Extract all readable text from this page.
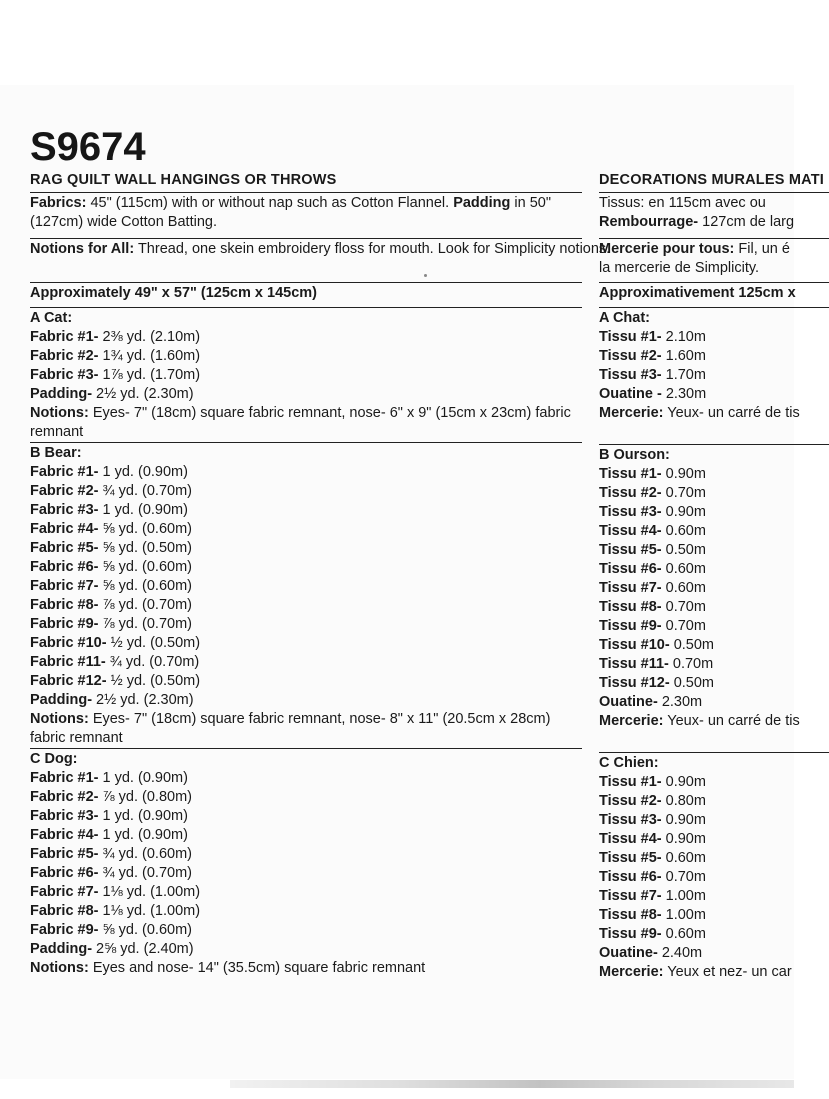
S9674
RAG QUILT WALL HANGINGS OR THROWS
Fabrics: 45" (115cm) with or without nap such as Cotton Flannel. Padding in 50"
(127cm) wide Cotton Batting.
Notions for All: Thread, one skein embroidery floss for mouth. Look for Simplicity notions.
Approximately 49" x 57" (125cm x 145cm)
A Cat:
Fabric #1- 2⅜ yd. (2.10m)
Fabric #2- 1¾ yd. (1.60m)
Fabric #3- 1⅞ yd. (1.70m)
Padding- 2½ yd. (2.30m)
Notions: Eyes- 7" (18cm) square fabric remnant, nose- 6" x 9" (15cm x 23cm) fabric remnant
B Bear:
Fabric #1- 1 yd. (0.90m)
Fabric #2- ¾ yd. (0.70m)
Fabric #3- 1 yd. (0.90m)
Fabric #4- ⅝ yd. (0.60m)
Fabric #5- ⅝ yd. (0.50m)
Fabric #6- ⅝ yd. (0.60m)
Fabric #7- ⅝ yd. (0.60m)
Fabric #8- ⅞ yd. (0.70m)
Fabric #9- ⅞ yd. (0.70m)
Fabric #10- ½ yd. (0.50m)
Fabric #11- ¾ yd. (0.70m)
Fabric #12- ½ yd. (0.50m)
Padding- 2½ yd. (2.30m)
Notions: Eyes- 7" (18cm) square fabric remnant, nose- 8" x 11" (20.5cm x 28cm) fabric remnant
C Dog:
Fabric #1- 1 yd. (0.90m)
Fabric #2- ⅞ yd. (0.80m)
Fabric #3- 1 yd. (0.90m)
Fabric #4- 1 yd. (0.90m)
Fabric #5- ¾ yd. (0.60m)
Fabric #6- ¾ yd. (0.70m)
Fabric #7- 1⅛ yd. (1.00m)
Fabric #8- 1⅛ yd. (1.00m)
Fabric #9- ⅝ yd. (0.60m)
Padding- 2⅝ yd. (2.40m)
Notions: Eyes and nose- 14" (35.5cm) square fabric remnant
DECORATIONS MURALES MATI
Tissus: en 115cm avec ou
Rembourrage- 127cm de larg
Mercerie pour tous: Fil, un é
la mercerie de Simplicity.
Approximativement 125cm x
A Chat:
Tissu #1- 2.10m
Tissu #2- 1.60m
Tissu #3- 1.70m
Ouatine - 2.30m
Mercerie: Yeux- un carré de tis
B Ourson:
Tissu #1- 0.90m
Tissu #2- 0.70m
Tissu #3- 0.90m
Tissu #4- 0.60m
Tissu #5- 0.50m
Tissu #6- 0.60m
Tissu #7- 0.60m
Tissu #8- 0.70m
Tissu #9- 0.70m
Tissu #10- 0.50m
Tissu #11- 0.70m
Tissu #12- 0.50m
Ouatine- 2.30m
Mercerie: Yeux- un carré de tis
C Chien:
Tissu #1- 0.90m
Tissu #2- 0.80m
Tissu #3- 0.90m
Tissu #4- 0.90m
Tissu #5- 0.60m
Tissu #6- 0.70m
Tissu #7- 1.00m
Tissu #8- 1.00m
Tissu #9- 0.60m
Ouatine- 2.40m
Mercerie: Yeux et nez- un car
